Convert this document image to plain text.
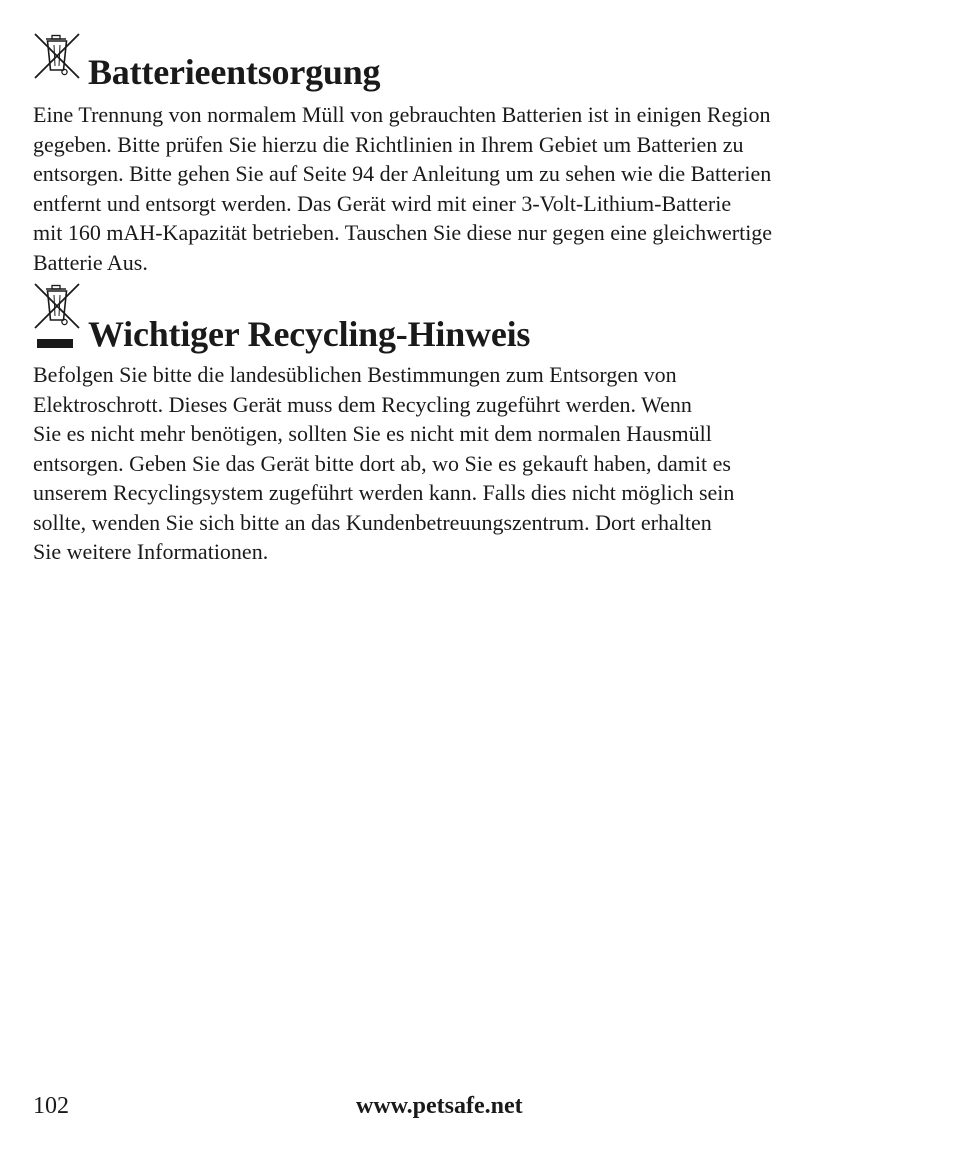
Batterieentsorgung

Eine Trennung von normalem Müll von gebrauchten Batterien ist in einigen Region
gegeben. Bitte prüfen Sie hierzu die Richtlinien in Ihrem Gebiet um Batterien zu
entsorgen. Bitte gehen Sie auf Seite 94 der Anleitung um zu sehen wie die Batterien
entfernt und entsorgt werden. Das Gerät wird mit einer 3-Volt-Lithium-Batterie
mit 160 mAH-Kapazität betrieben. Tauschen Sie diese nur gegen eine gleichwertige
Batterie Aus.

Wichtiger Recycling-Hinweis

Befolgen Sie bitte die landesüblichen Bestimmungen zum Entsorgen von
Elektroschrott. Dieses Gerät muss dem Recycling zugeführt werden. Wenn
Sie es nicht mehr benötigen, sollten Sie es nicht mit dem normalen Hausmüll
entsorgen. Geben Sie das Gerät bitte dort ab, wo Sie es gekauft haben, damit es
unserem Recyclingsystem zugeführt werden kann. Falls dies nicht möglich sein
sollte, wenden Sie sich bitte an das Kundenbetreuungszentrum. Dort erhalten
Sie weitere Informationen.

102	www.petsafe.net
